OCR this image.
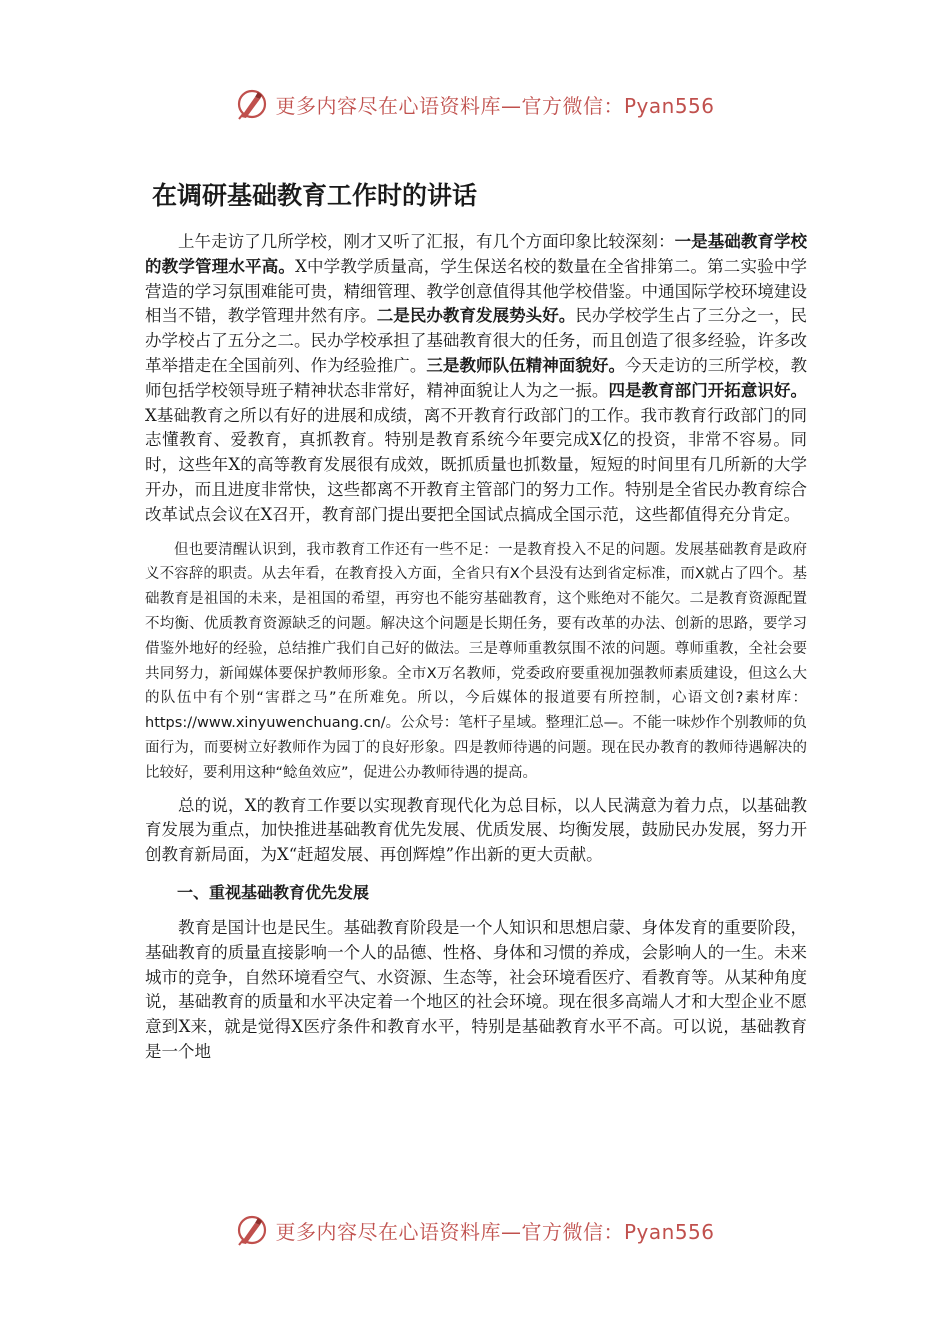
更多内容尽在心语资料库—官方微信：Pyan556
在调研基础教育工作时的讲话

上午走访了几所学校，刚才又听了汇报，有几个方面印象比较深刻：一是基础教育学校的教学管理水平高。X中学教学质量高，学生保送名校的数量在全省排第二。第二实验中学营造的学习氛围难能可贵，精细管理、教学创意值得其他学校借鉴。中通国际学校环境建设相当不错，教学管理井然有序。二是民办教育发展势头好。民办学校学生占了三分之一，民办学校占了五分之二。民办学校承担了基础教育很大的任务，而且创造了很多经验，许多改革举措走在全国前列、作为经验推广。三是教师队伍精神面貌好。今天走访的三所学校，教师包括学校领导班子精神状态非常好，精神面貌让人为之一振。四是教育部门开拓意识好。X基础教育之所以有好的进展和成绩，离不开教育行政部门的工作。我市教育行政部门的同志懂教育、爱教育，真抓教育。特别是教育系统今年要完成X亿的投资，非常不容易。同时，这些年X的高等教育发展很有成效，既抓质量也抓数量，短短的时间里有几所新的大学开办，而且进度非常快，这些都离不开教育主管部门的努力工作。特别是全省民办教育综合改革试点会议在X召开，教育部门提出要把全国试点搞成全国示范，这些都值得充分肯定。

但也要清醒认识到，我市教育工作还有一些不足：一是教育投入不足的问题。发展基础教育是政府义不容辞的职责。从去年看，在教育投入方面，全省只有X个县没有达到省定标准，而X就占了四个。基础教育是祖国的未来，是祖国的希望，再穷也不能穷基础教育，这个账绝对不能欠。二是教育资源配置不均衡、优质教育资源缺乏的问题。解决这个问题是长期任务，要有改革的办法、创新的思路，要学习借鉴外地好的经验，总结推广我们自己好的做法。三是尊师重教氛围不浓的问题。尊师重教，全社会要共同努力，新闻媒体要保护教师形象。全市X万名教师，党委政府要重视加强教师素质建设，但这么大的队伍中有个别“害群之马”在所难免。所以，今后媒体的报道要有所控制，心语文创?素材库：https://www.xinyuwenchuang.cn/。公众号：笔杆子星域。整理汇总—。不能一味炒作个别教师的负面行为，而要树立好教师作为园丁的良好形象。四是教师待遇的问题。现在民办教育的教师待遇解决的比较好，要利用这种“鲶鱼效应”，促进公办教师待遇的提高。

总的说，X的教育工作要以实现教育现代化为总目标，以人民满意为着力点，以基础教育发展为重点，加快推进基础教育优先发展、优质发展、均衡发展，鼓励民办发展，努力开创教育新局面，为X“赶超发展、再创辉煌”作出新的更大贡献。

一、重视基础教育优先发展

教育是国计也是民生。基础教育阶段是一个人知识和思想启蒙、身体发育的重要阶段，基础教育的质量直接影响一个人的品德、性格、身体和习惯的养成，会影响人的一生。未来城市的竞争，自然环境看空气、水资源、生态等，社会环境看医疗、看教育等。从某种角度说，基础教育的质量和水平决定着一个地区的社会环境。现在很多高端人才和大型企业不愿意到X来，就是觉得X医疗条件和教育水平，特别是基础教育水平不高。可以说，基础教育是一个地

更多内容尽在心语资料库—官方微信：Pyan556
